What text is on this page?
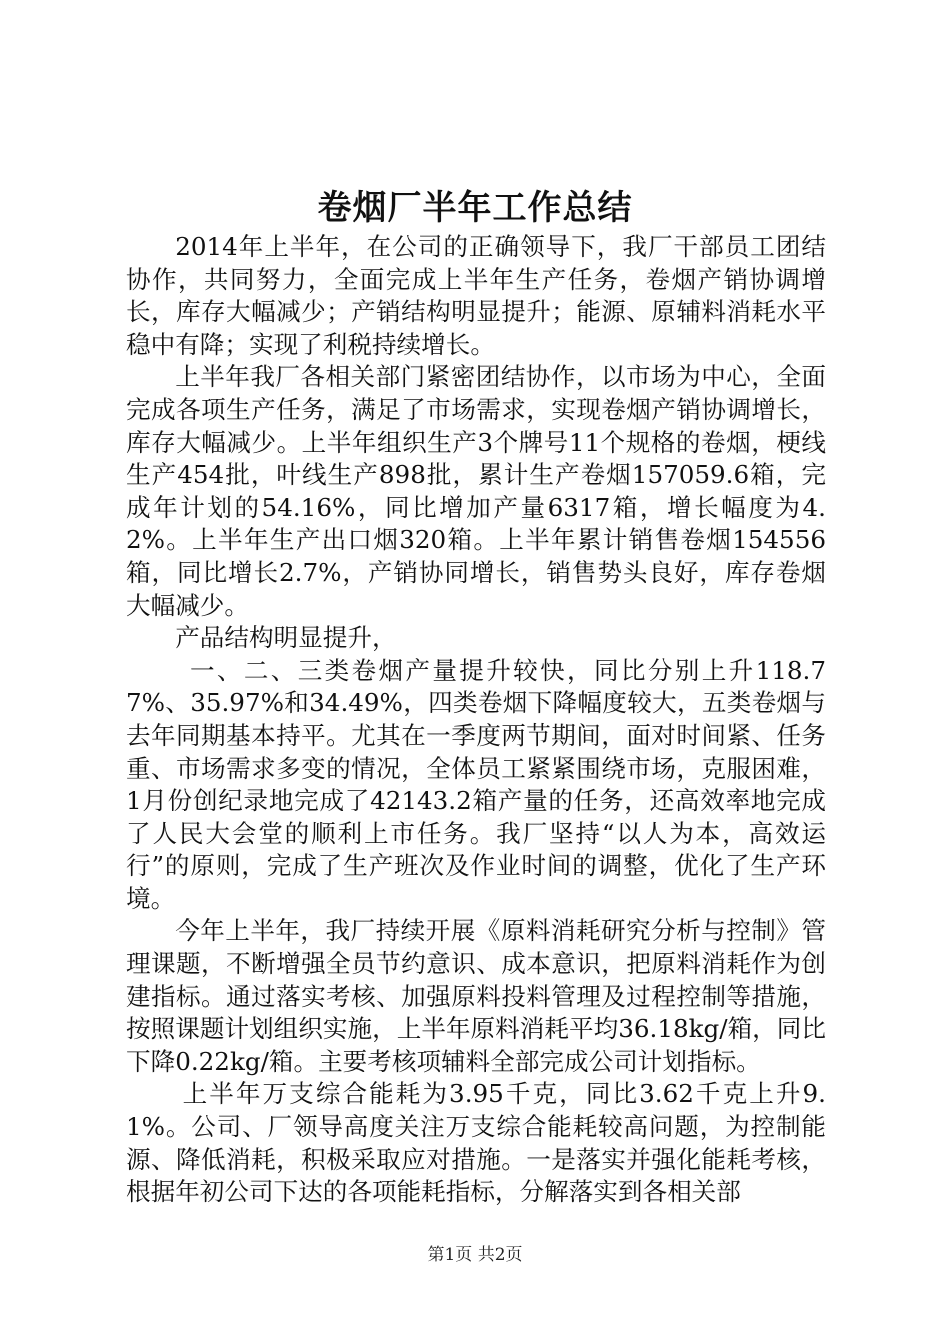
卷烟厂半年工作总结

2014年上半年，在公司的正确领导下，我厂干部员工团结协作，共同努力，全面完成上半年生产任务，卷烟产销协调增长，库存大幅减少；产销结构明显提升；能源、原辅料消耗水平稳中有降；实现了利税持续增长。

上半年我厂各相关部门紧密团结协作，以市场为中心，全面完成各项生产任务，满足了市场需求，实现卷烟产销协调增长，库存大幅减少。上半年组织生产3个牌号11个规格的卷烟，梗线生产454批，叶线生产898批，累计生产卷烟157059.6箱，完成年计划的54.16%，同比增加产量6317箱，增长幅度为4.2%。上半年生产出口烟320箱。上半年累计销售卷烟154556箱，同比增长2.7%，产销协同增长，销售势头良好，库存卷烟大幅减少。

产品结构明显提升，

一、二、三类卷烟产量提升较快，同比分别上升118.77%、35.97%和34.49%，四类卷烟下降幅度较大，五类卷烟与去年同期基本持平。尤其在一季度两节期间，面对时间紧、任务重、市场需求多变的情况，全体员工紧紧围绕市场，克服困难，1月份创纪录地完成了42143.2箱产量的任务，还高效率地完成了人民大会堂的顺利上市任务。我厂坚持“以人为本，高效运行”的原则，完成了生产班次及作业时间的调整，优化了生产环境。

今年上半年，我厂持续开展《原料消耗研究分析与控制》管理课题，不断增强全员节约意识、成本意识，把原料消耗作为创建指标。通过落实考核、加强原料投料管理及过程控制等措施，按照课题计划组织实施，上半年原料消耗平均36.18kg/箱，同比下降0.22kg/箱。主要考核项辅料全部完成公司计划指标。

上半年万支综合能耗为3.95千克，同比3.62千克上升9.1%。公司、厂领导高度关注万支综合能耗较高问题，为控制能源、降低消耗，积极采取应对措施。一是落实并强化能耗考核，根据年初公司下达的各项能耗指标，分解落实到各相关部

第1页 共2页
